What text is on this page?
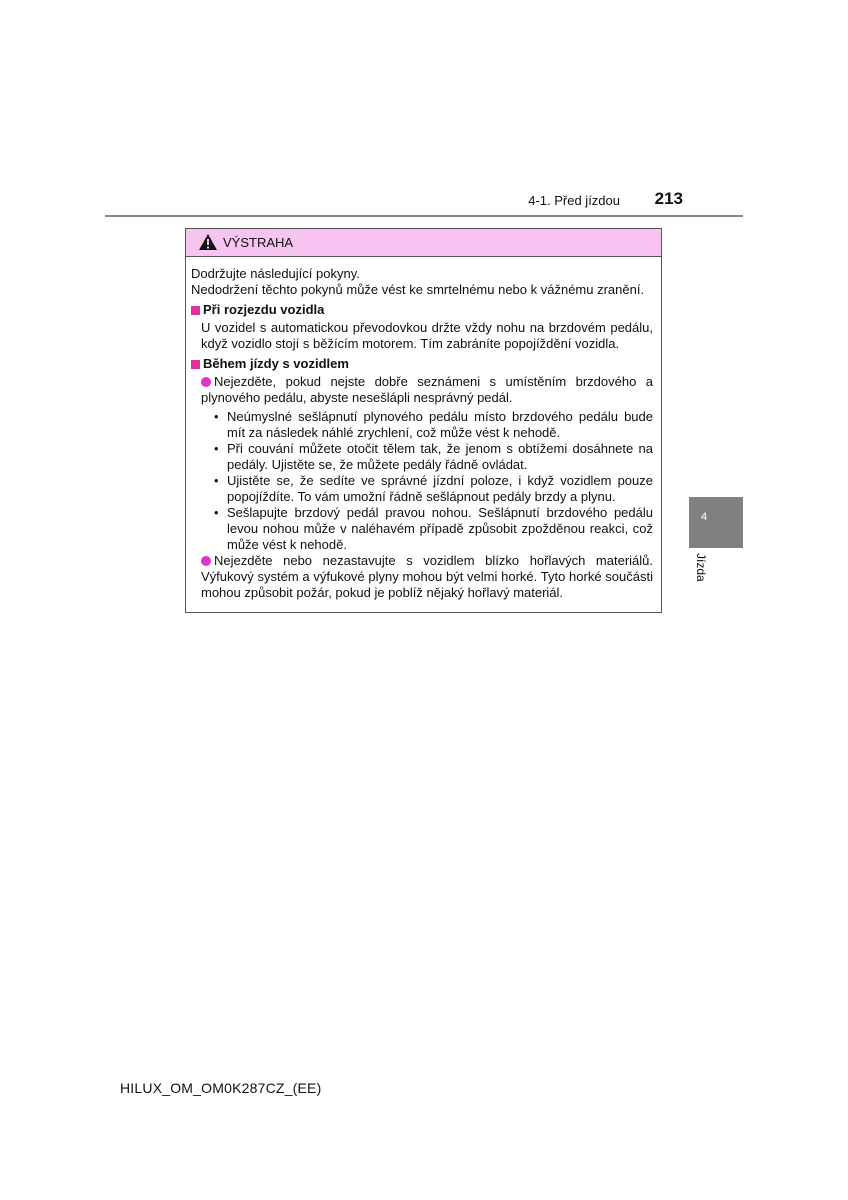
4-1. Před jízdou 213
VÝSTRAHA
Dodržujte následující pokyny.
Nedodržení těchto pokynů může vést ke smrtelnému nebo k vážnému zranění.
Při rozjezdu vozidla
U vozidel s automatickou převodovkou držte vždy nohu na brzdovém pedálu, když vozidlo stojí s běžícím motorem. Tím zabráníte popojíždění vozidla.
Během jízdy s vozidlem
Nejezděte, pokud nejste dobře seznámeni s umístěním brzdového a plynového pedálu, abyste nesešlápli nesprávný pedál.
• Neúmyslné sešlápnutí plynového pedálu místo brzdového pedálu bude mít za následek náhlé zrychlení, což může vést k nehodě.
• Při couvání můžete otočit tělem tak, že jenom s obtížemi dosáhnete na pedály. Ujistěte se, že můžete pedály řádně ovládat.
• Ujistěte se, že sedíte ve správné jízdní poloze, i když vozidlem pouze popojíždíte. To vám umožní řádně sešlápnout pedály brzdy a plynu.
• Sešlapujte brzdový pedál pravou nohou. Sešlápnutí brzdového pedálu levou nohou může v naléhavém případě způsobit zpožděnou reakci, což může vést k nehodě.
Nejezděte nebo nezastavujte s vozidlem blízko hořlavých materiálů. Výfukový systém a výfukové plyny mohou být velmi horké. Tyto horké součásti mohou způsobit požár, pokud je poblíž nějaký hořlavý materiál.
4
Jízda
HILUX_OM_OM0K287CZ_(EE)
